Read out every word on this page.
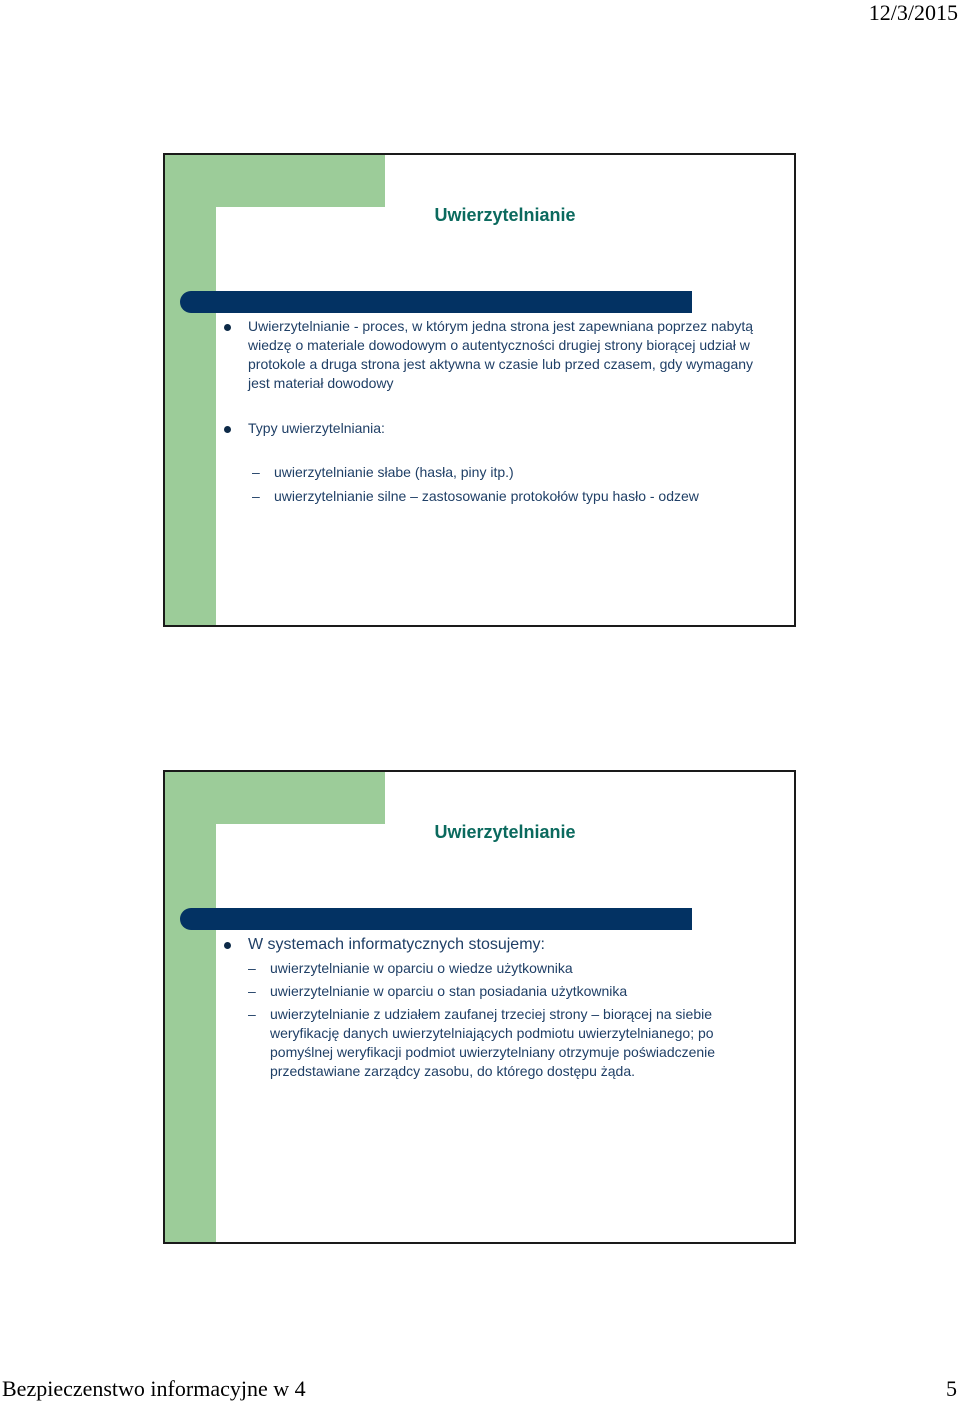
12/3/2015
Uwierzytelnianie
Uwierzytelnianie - proces, w którym jedna strona jest zapewniana poprzez nabytą wiedzę o materiale dowodowym o autentyczności drugiej strony biorącej udział w protokole a druga strona jest aktywna w czasie lub przed czasem, gdy wymagany jest materiał dowodowy
Typy uwierzytelniania:
– uwierzytelnianie słabe (hasła, piny itp.)
– uwierzytelnianie silne – zastosowanie protokołów typu hasło - odzew
Uwierzytelnianie
W systemach informatycznych stosujemy:
– uwierzytelnianie w oparciu o wiedze użytkownika
– uwierzytelnianie w oparciu o stan posiadania użytkownika
– uwierzytelnianie z udziałem zaufanej trzeciej strony – biorącej na siebie weryfikację danych uwierzytelniających podmiotu uwierzytelnianego; po pomyślnej weryfikacji podmiot uwierzytelniany otrzymuje poświadczenie przedstawiane zarządcy zasobu, do którego dostępu żąda.
Bezpieczenstwo informacyjne w 4	5
